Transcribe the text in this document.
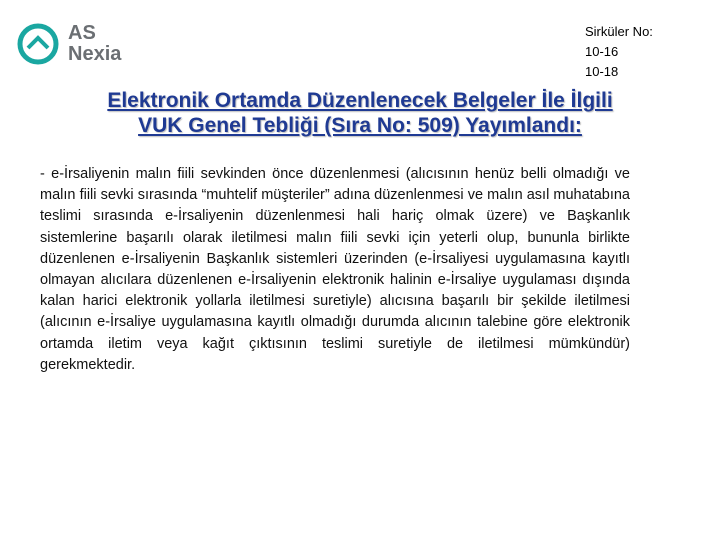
AS
Nexia
Sirküler No:
10-16
10-18
Elektronik Ortamda Düzenlenecek Belgeler İle İlgili
VUK Genel Tebliği (Sıra No: 509) Yayımlandı:
- e-İrsaliyenin malın fiili sevkinden önce düzenlenmesi (alıcısının henüz belli olmadığı ve malın fiili sevki sırasında “muhtelif müşteriler” adına düzenlenmesi ve malın asıl muhatabına teslimi sırasında e-İrsaliyenin düzenlenmesi hali hariç olmak üzere) ve Başkanlık sistemlerine başarılı olarak iletilmesi malın fiili sevki için yeterli olup, bununla birlikte düzenlenen e-İrsaliyenin Başkanlık sistemleri üzerinden (e-İrsaliyesi uygulamasına kayıtlı olmayan alıcılara düzenlenen e-İrsaliyenin elektronik halinin e-İrsaliye uygulaması dışında kalan harici elektronik yollarla iletilmesi suretiyle) alıcısına başarılı bir şekilde iletilmesi (alıcının e-İrsaliye uygulamasına kayıtlı olmadığı durumda alıcının talebine göre elektronik ortamda iletim veya kağıt çıktısının teslimi suretiyle de iletilmesi mümkündür) gerekmektedir.
